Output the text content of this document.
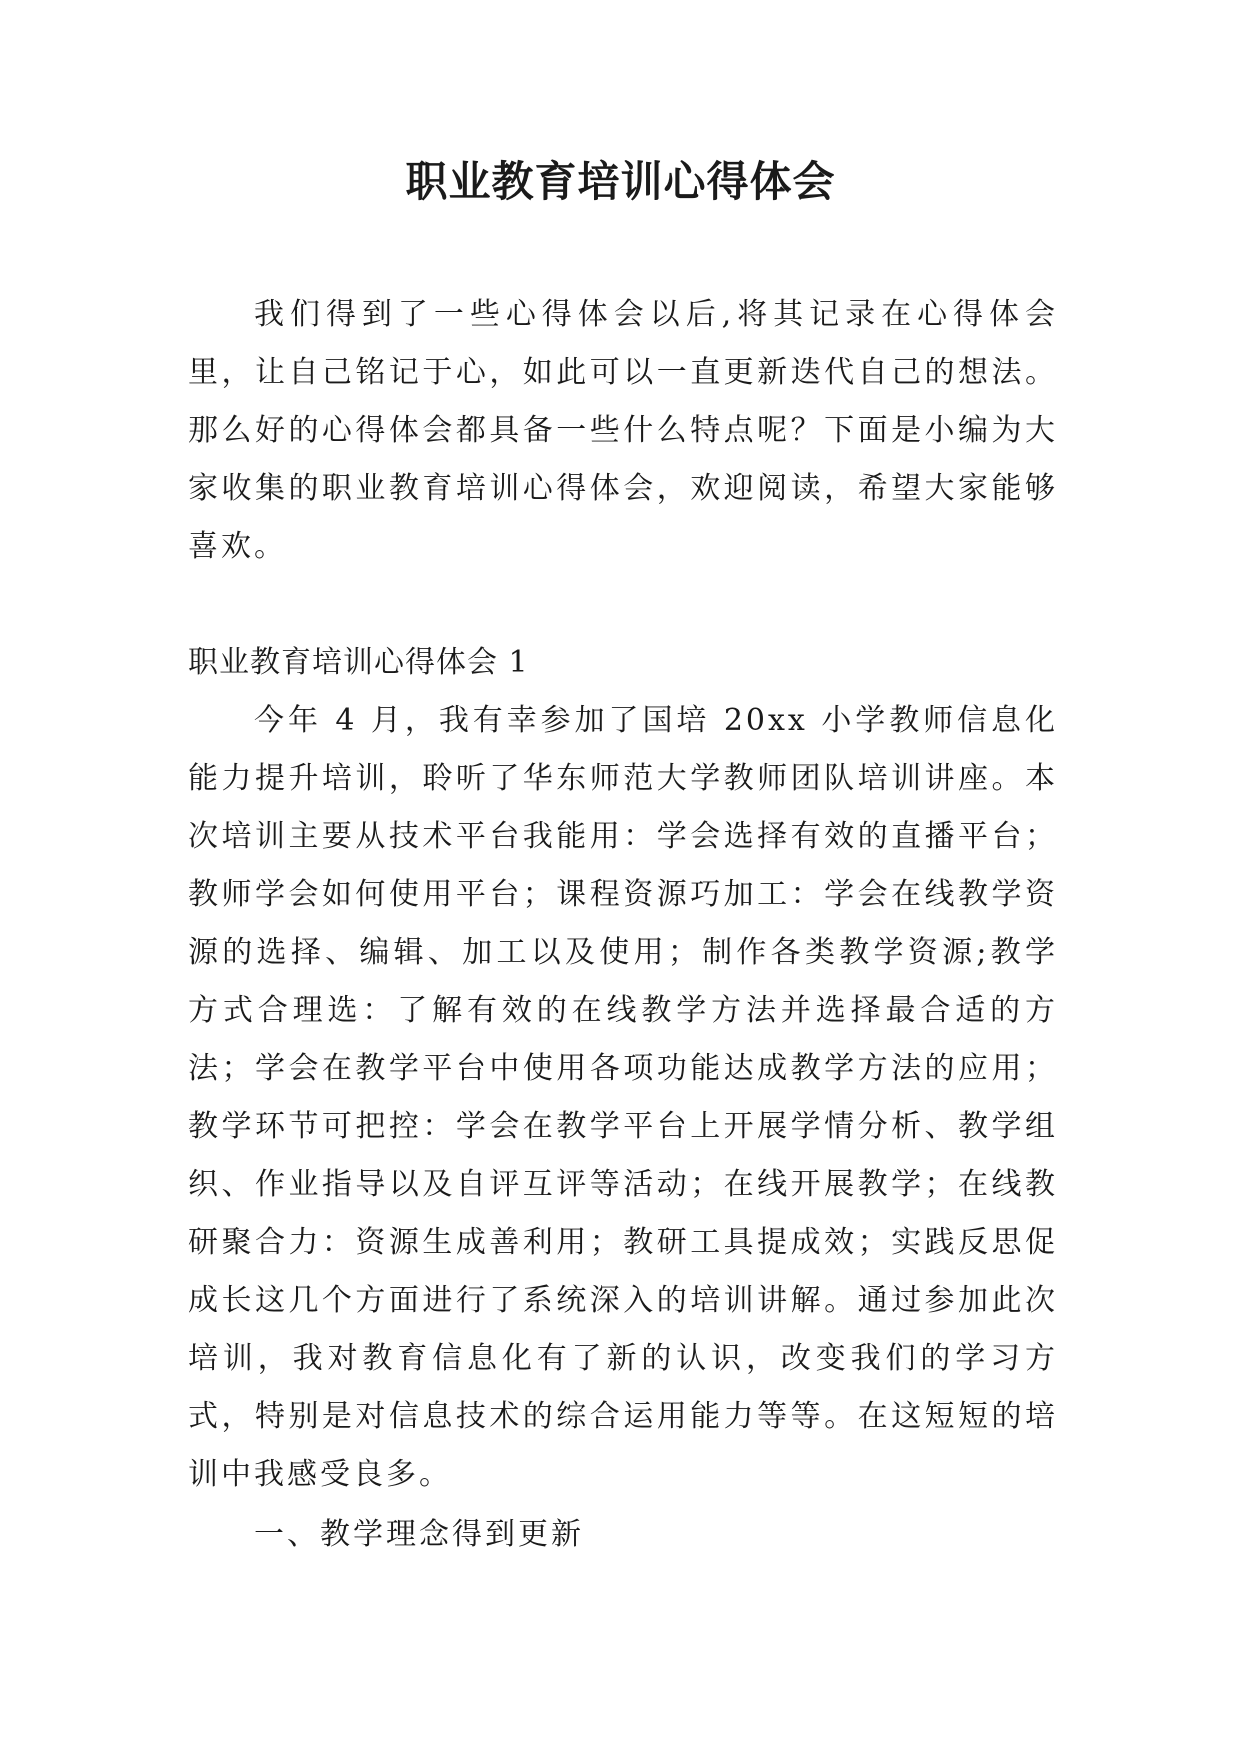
职业教育培训心得体会

我们得到了一些心得体会以后,将其记录在心得体会里，让自己铭记于心，如此可以一直更新迭代自己的想法。那么好的心得体会都具备一些什么特点呢？下面是小编为大家收集的职业教育培训心得体会，欢迎阅读，希望大家能够喜欢。

职业教育培训心得体会 1

今年 4 月，我有幸参加了国培 20xx 小学教师信息化能力提升培训，聆听了华东师范大学教师团队培训讲座。本次培训主要从技术平台我能用：学会选择有效的直播平台；教师学会如何使用平台；课程资源巧加工：学会在线教学资源的选择、编辑、加工以及使用；制作各类教学资源;教学方式合理选：了解有效的在线教学方法并选择最合适的方法；学会在教学平台中使用各项功能达成教学方法的应用；教学环节可把控：学会在教学平台上开展学情分析、教学组织、作业指导以及自评互评等活动；在线开展教学；在线教研聚合力：资源生成善利用；教研工具提成效；实践反思促成长这几个方面进行了系统深入的培训讲解。通过参加此次培训，我对教育信息化有了新的认识，改变我们的学习方式，特别是对信息技术的综合运用能力等等。在这短短的培训中我感受良多。

一、教学理念得到更新
